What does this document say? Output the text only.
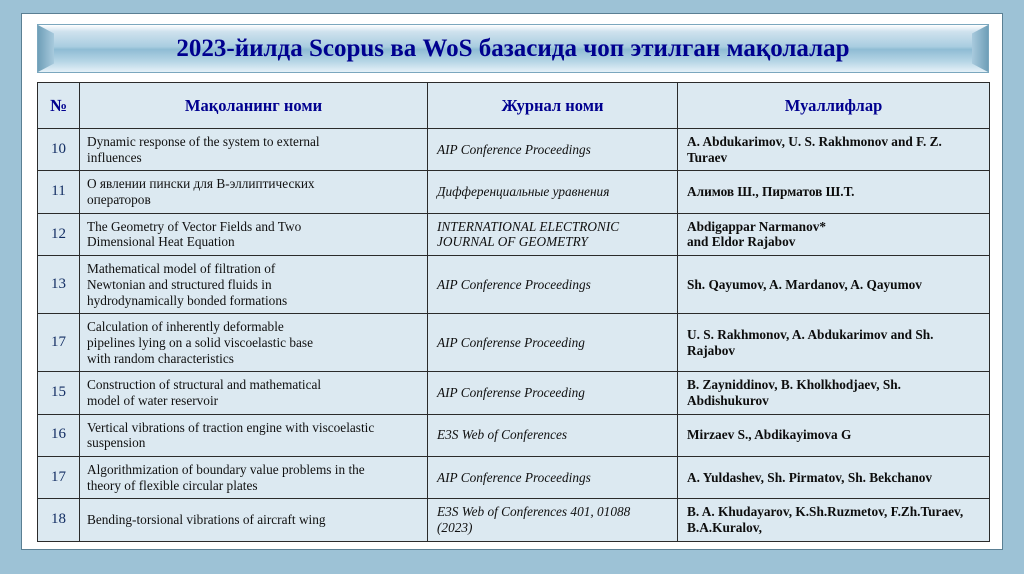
2023-йилда Scopus ва WoS базасида чоп этилган мақолалар
№	Мақоланинг номи	Журнал номи	Муаллифлар
10	Dynamic response of the system to external
influences	AIP Conference Proceedings	A. Abdukarimov, U. S. Rakhmonov and F. Z.
Turaev

11	О явлении пински для B-эллиптических
операторов	Дифференциальные уравнения	Алимов Ш., Пирматов Ш.Т.

12	The Geometry of Vector Fields and Two
Dimensional Heat Equation	INTERNATIONAL ELECTRONIC
JOURNAL OF GEOMETRY	Abdigappar Narmanov*
and Eldor Rajabov

13	Mathematical model of filtration of
Newtonian and structured fluids in
hydrodynamically bonded formations	AIP Conference Proceedings	Sh. Qayumov, A. Mardanov, A. Qayumov

17	Calculation of inherently deformable
pipelines lying on a solid viscoelastic base
with random characteristics	AIP Conferense Proceeding	U. S. Rakhmonov, A. Abdukarimov and Sh.
Rajabov

15	Construction of structural and mathematical
model of water reservoir	AIP Conferense Proceeding	B. Zayniddinov, B. Kholkhodjaev, Sh.
Abdishukurov

16	Vertical vibrations of traction engine with viscoelastic
suspension	E3S Web of Conferences	Mirzaev S., Abdikayimova G

17	Algorithmization of boundary value problems in the
theory of flexible circular plates	AIP Conference Proceedings	A. Yuldashev, Sh. Pirmatov, Sh. Bekchanov

18	Bending-torsional vibrations of aircraft wing	E3S Web of Conferences 401, 01088
(2023)	B. A. Khudayarov, K.Sh.Ruzmetov, F.Zh.Turaev,
B.A.Kuralov,
